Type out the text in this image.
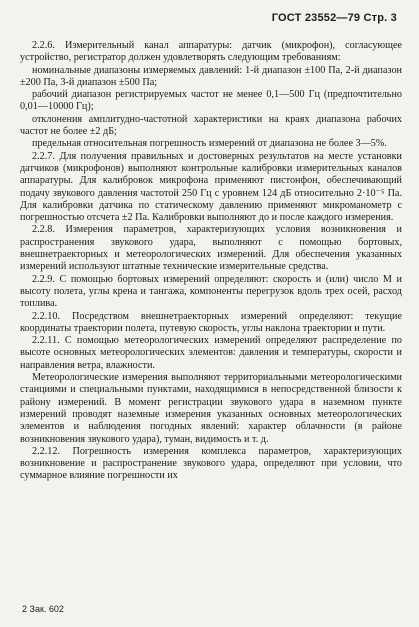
ГОСТ 23552—79 Стр. 3

2.2.6. Измерительный канал аппаратуры: датчик (микрофон), согласующее устройство, регистратор должен удовлетворять следующим требованиям:

номинальные диапазоны измеряемых давлений: 1-й диапазон ±100 Па, 2-й диапазон ±200 Па, 3-й диапазон ±500 Па;

рабочий диапазон регистрируемых частот не менее 0,1—500 Гц (предпочтительно 0,01—10000 Гц);

отклонения амплитудно-частотной характеристики на краях диапазона рабочих частот не более ±2 дБ;

предельная относительная погрешность измерений от диапазона не более 3—5%.

2.2.7. Для получения правильных и достоверных результатов на месте установки датчиков (микрофонов) выполняют контрольные калибровки измерительных каналов аппаратуры. Для калибровок микрофона применяют пистонфон, обеспечивающий подачу звукового давления частотой 250 Гц с уровнем 124 дБ относительно 2·10⁻⁵ Па. Для калибровки датчика по статическому давлению применяют микроманометр с погрешностью отсчета ±2 Па. Калибровки выполняют до и после каждого измерения.

2.2.8. Измерения параметров, характеризующих условия возникновения и распространения звукового удара, выполняют с помощью бортовых, внешнетраекторных и метеорологических измерений. Для обеспечения указанных измерений используют штатные технические измерительные средства.

2.2.9. С помощью бортовых измерений определяют: скорость и (или) число M и высоту полета, углы крена и тангажа, компоненты перегрузок вдоль трех осей, расход топлива.

2.2.10. Посредством внешнетраекторных измерений определяют: текущие координаты траектории полета, путевую скорость, углы наклона траектории и пути.

2.2.11. С помощью метеорологических измерений определяют распределение по высоте основных метеорологических элементов: давления и температуры, скорости и направления ветра, влажности.

Метеорологические измерения выполняют территориальными метеорологическими станциями и специальными пунктами, находящимися в непосредственной близости к району измерений. В момент регистрации звукового удара в наземном пункте измерений проводят наземные измерения указанных основных метеорологических элементов и наблюдения погодных явлений: характер облачности (в районе возникновения звукового удара), туман, видимость и т. д.

2.2.12. Погрешность измерения комплекса параметров, характеризующих возникновение и распространение звукового удара, определяют при условии, что суммарное влияние погрешности их

2 Зак. 602
